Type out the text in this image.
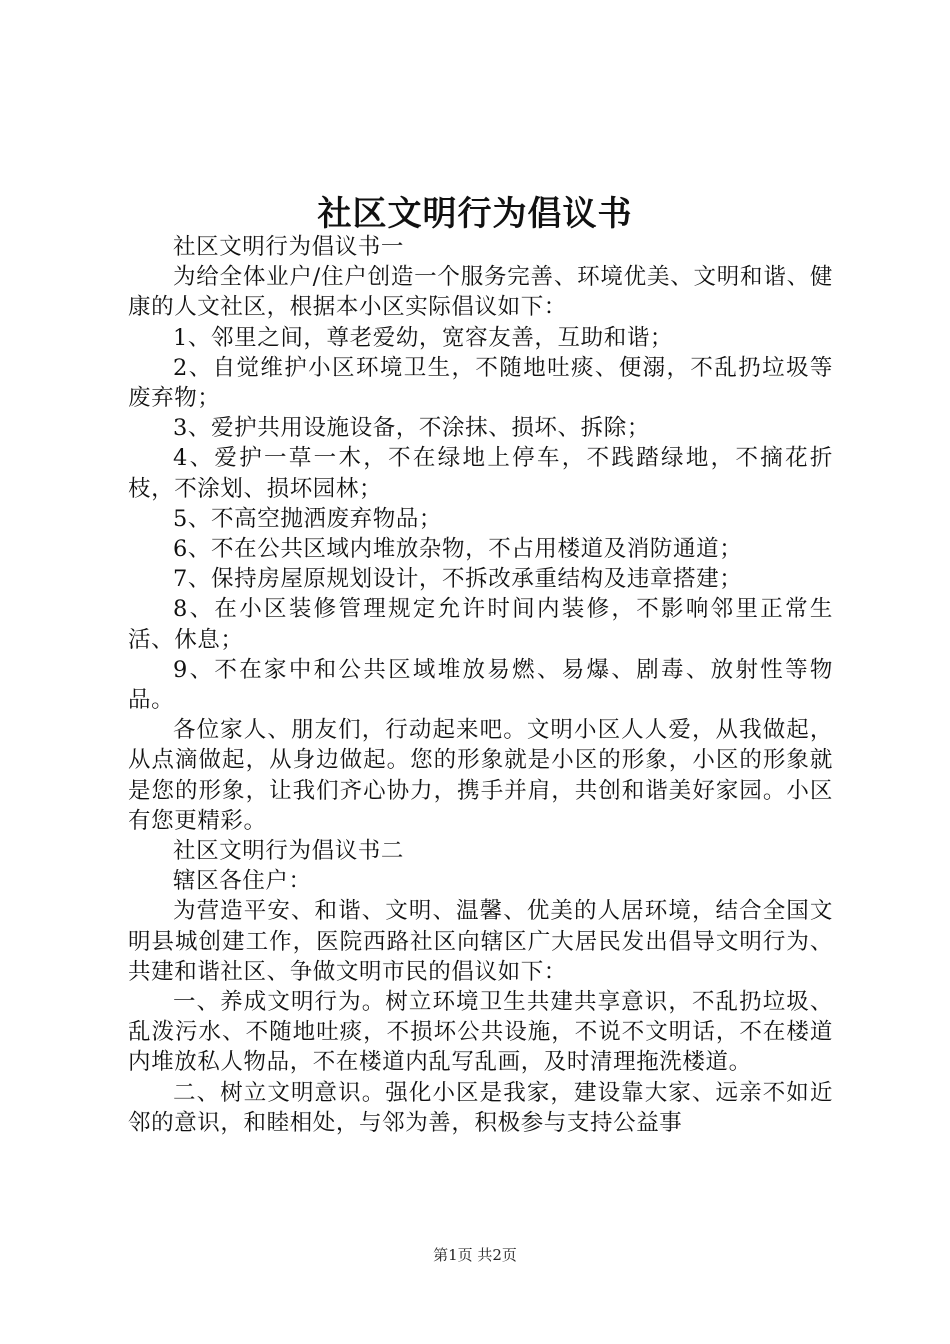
社区文明行为倡议书

社区文明行为倡议书一

为给全体业户/住户创造一个服务完善、环境优美、文明和谐、健康的人文社区，根据本小区实际倡议如下：

1、邻里之间，尊老爱幼，宽容友善，互助和谐；

2、自觉维护小区环境卫生，不随地吐痰、便溺，不乱扔垃圾等废弃物；

3、爱护共用设施设备，不涂抹、损坏、拆除；

4、爱护一草一木，不在绿地上停车，不践踏绿地，不摘花折枝，不涂划、损坏园林；

5、不高空抛洒废弃物品；

6、不在公共区域内堆放杂物，不占用楼道及消防通道；

7、保持房屋原规划设计，不拆改承重结构及违章搭建；

8、在小区装修管理规定允许时间内装修，不影响邻里正常生活、休息；

9、不在家中和公共区域堆放易燃、易爆、剧毒、放射性等物品。

各位家人、朋友们，行动起来吧。文明小区人人爱，从我做起，从点滴做起，从身边做起。您的形象就是小区的形象，小区的形象就是您的形象，让我们齐心协力，携手并肩，共创和谐美好家园。小区有您更精彩。

社区文明行为倡议书二

辖区各住户：

为营造平安、和谐、文明、温馨、优美的人居环境，结合全国文明县城创建工作，医院西路社区向辖区广大居民发出倡导文明行为、共建和谐社区、争做文明市民的倡议如下：

一、养成文明行为。树立环境卫生共建共享意识，不乱扔垃圾、乱泼污水、不随地吐痰，不损坏公共设施，不说不文明话，不在楼道内堆放私人物品，不在楼道内乱写乱画，及时清理拖洗楼道。

二、树立文明意识。强化小区是我家，建设靠大家、远亲不如近邻的意识，和睦相处，与邻为善，积极参与支持公益事

第1页 共2页
